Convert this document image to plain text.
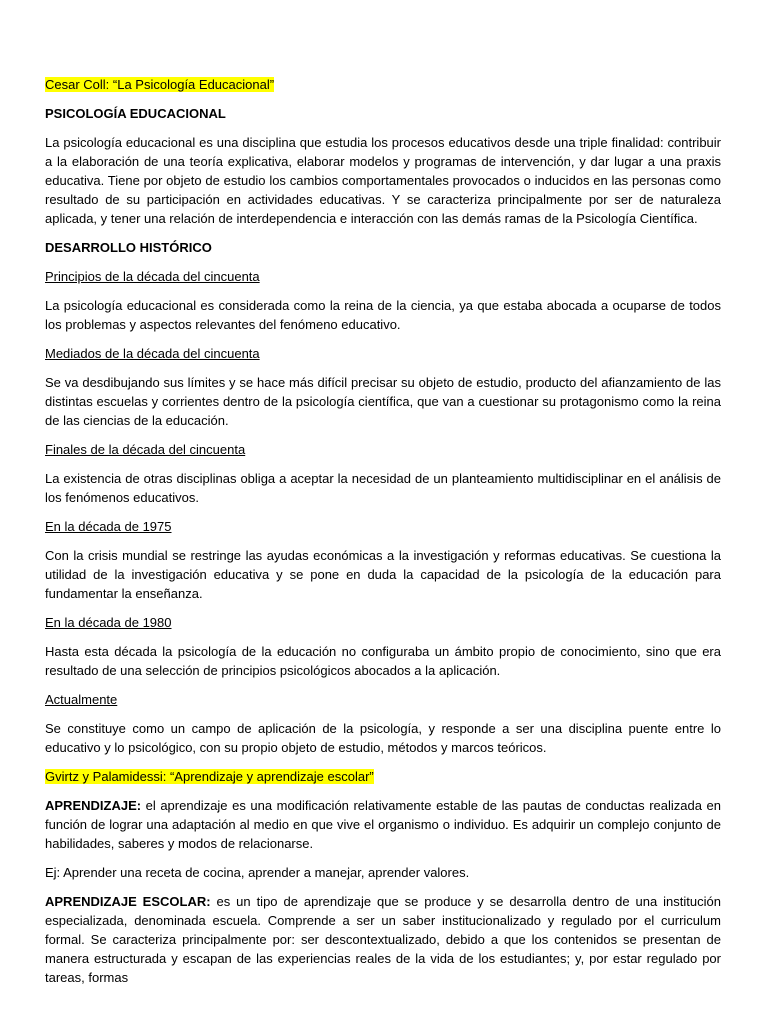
Cesar Coll: “La Psicología Educacional”
PSICOLOGÍA EDUCACIONAL

La psicología educacional es una disciplina que estudia los procesos educativos desde una triple finalidad: contribuir a la elaboración de una teoría explicativa, elaborar modelos y programas de intervención, y dar lugar a una praxis educativa. Tiene por objeto de estudio los cambios comportamentales provocados o inducidos en las personas como resultado de su participación en actividades educativas. Y se caracteriza principalmente por ser de naturaleza aplicada, y tener una relación de interdependencia e interacción con las demás ramas de la Psicología Científica.

DESARROLLO HISTÓRICO
Principios de la década del cincuenta

La psicología educacional es considerada como la reina de la ciencia, ya que estaba abocada a ocuparse de todos los problemas y aspectos relevantes del fenómeno educativo.

Mediados de la década del cincuenta

Se va desdibujando sus límites y se hace más difícil precisar su objeto de estudio, producto del afianzamiento de las distintas escuelas y corrientes dentro de la psicología científica, que van a cuestionar su protagonismo como la reina de las ciencias de la educación.

Finales de la década del cincuenta

La existencia de otras disciplinas obliga a aceptar la necesidad de un planteamiento multidisciplinar en el análisis de los fenómenos educativos.

En la década de 1975

Con la crisis mundial se restringe las ayudas económicas a la investigación y reformas educativas. Se cuestiona la utilidad de la investigación educativa y se pone en duda la capacidad de la psicología de la educación para fundamentar la enseñanza.

En la década de 1980

Hasta esta década la psicología de la educación no configuraba un ámbito propio de conocimiento, sino que era resultado de una selección de principios psicológicos abocados a la aplicación.

Actualmente

Se constituye como un campo de aplicación de la psicología, y responde a ser una disciplina puente entre lo educativo y lo psicológico, con su propio objeto de estudio, métodos y marcos teóricos.

Gvirtz y Palamidessi: “Aprendizaje y aprendizaje escolar”

APRENDIZAJE: el aprendizaje es una modificación relativamente estable de las pautas de conductas realizada en función de lograr una adaptación al medio en que vive el organismo o individuo. Es adquirir un complejo conjunto de habilidades, saberes y modos de relacionarse.

Ej: Aprender una receta de cocina, aprender a manejar, aprender valores.

APRENDIZAJE ESCOLAR: es un tipo de aprendizaje que se produce y se desarrolla dentro de una institución especializada, denominada escuela. Comprende a ser un saber institucionalizado y regulado por el curriculum formal. Se caracteriza principalmente por: ser descontextualizado, debido a que los contenidos se presentan de manera estructurada y escapan de las experiencias reales de la vida de los estudiantes; y, por estar regulado por tareas, formas
